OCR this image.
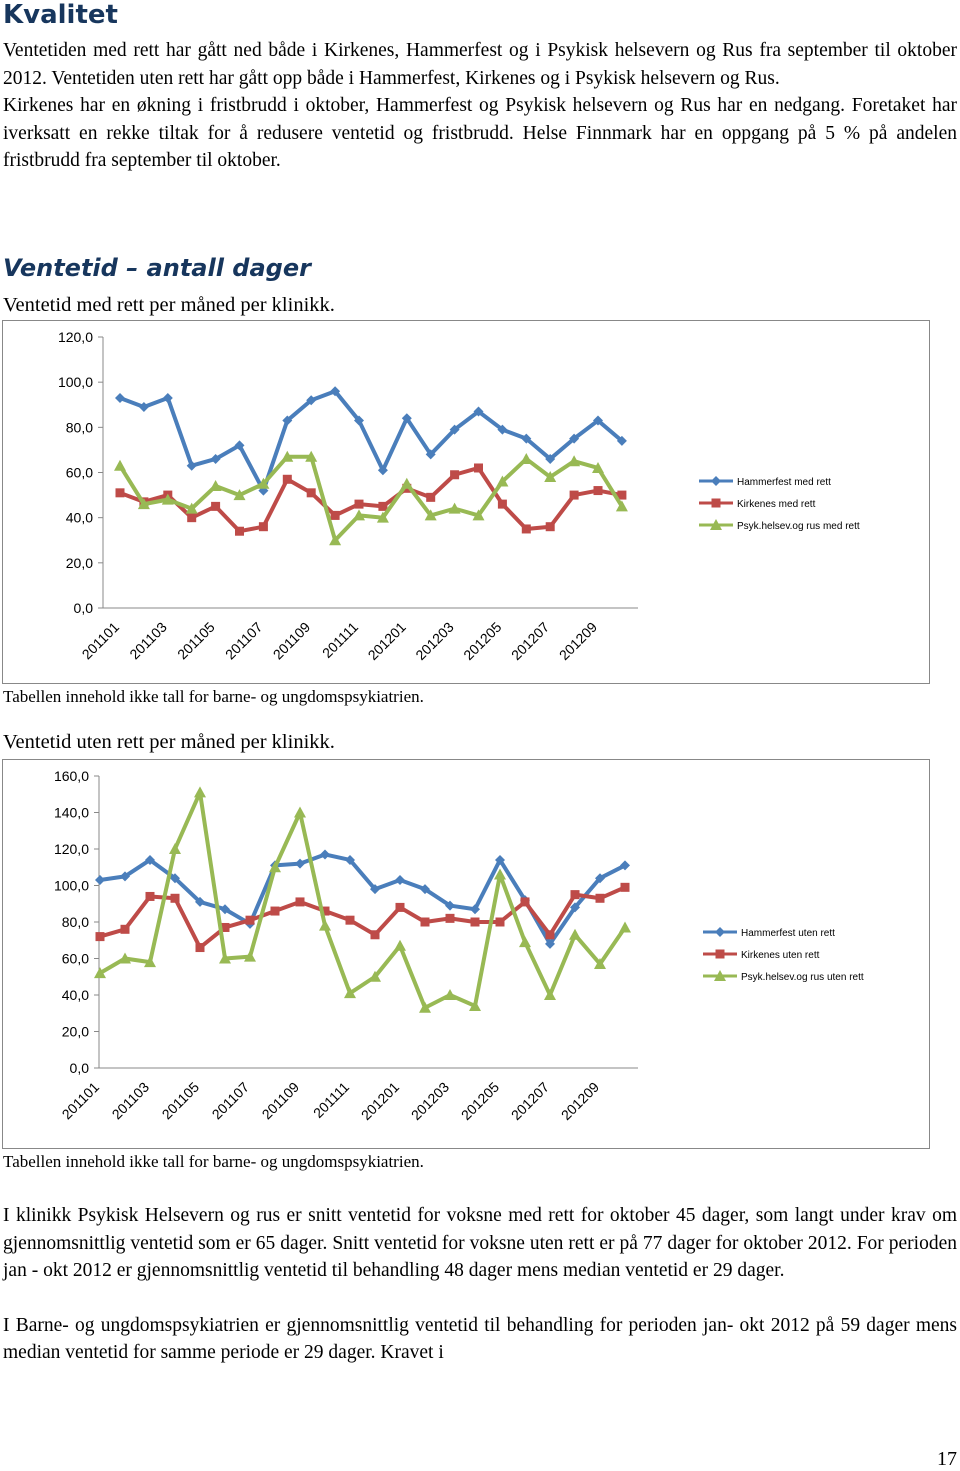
Kvalitet

Ventetiden med rett har gått ned både i Kirkenes, Hammerfest og i Psykisk helsevern og Rus fra september til oktober 2012. Ventetiden uten rett har gått opp både i Hammerfest, Kirkenes og i Psykisk helsevern og Rus.

Kirkenes har en økning i fristbrudd i oktober, Hammerfest og Psykisk helsevern og Rus har en nedgang. Foretaket har iverksatt en rekke tiltak for å redusere ventetid og fristbrudd. Helse Finnmark har en oppgang på 5 % på andelen fristbrudd fra september til oktober.

Ventetid – antall dager
Ventetid med rett per måned per klinikk.
0,0
20,0
40,0
60,0
80,0
100,0
120,0
201101 201103 201105 201107 201109 201111 201201 201203 201205 201207 201209
Hammerfest med rett
Kirkenes med rett
Psyk.helsev.og rus med rett
Tabellen innehold ikke tall for barne- og ungdomspsykiatrien.
Ventetid uten rett per måned per klinikk.
0,0
20,0
40,0
60,0
80,0
100,0
120,0
140,0
160,0
201101 201103 201105 201107 201109 201111 201201 201203 201205 201207 201209
Hammerfest uten rett
Kirkenes uten rett
Psyk.helsev.og rus uten rett
Tabellen innehold ikke tall for barne- og ungdomspsykiatrien.

I klinikk Psykisk Helsevern og rus er snitt ventetid for voksne med rett for oktober 45 dager, som langt under krav om gjennomsnittlig ventetid som er 65 dager. Snitt ventetid for voksne uten rett er på 77 dager for oktober 2012. For perioden jan - okt 2012 er gjennomsnittlig ventetid til behandling 48 dager mens median ventetid er 29 dager.

I Barne- og ungdomspsykiatrien er gjennomsnittlig ventetid til behandling for perioden jan- okt 2012 på 59 dager mens median ventetid for samme periode er 29 dager. Kravet i

17
